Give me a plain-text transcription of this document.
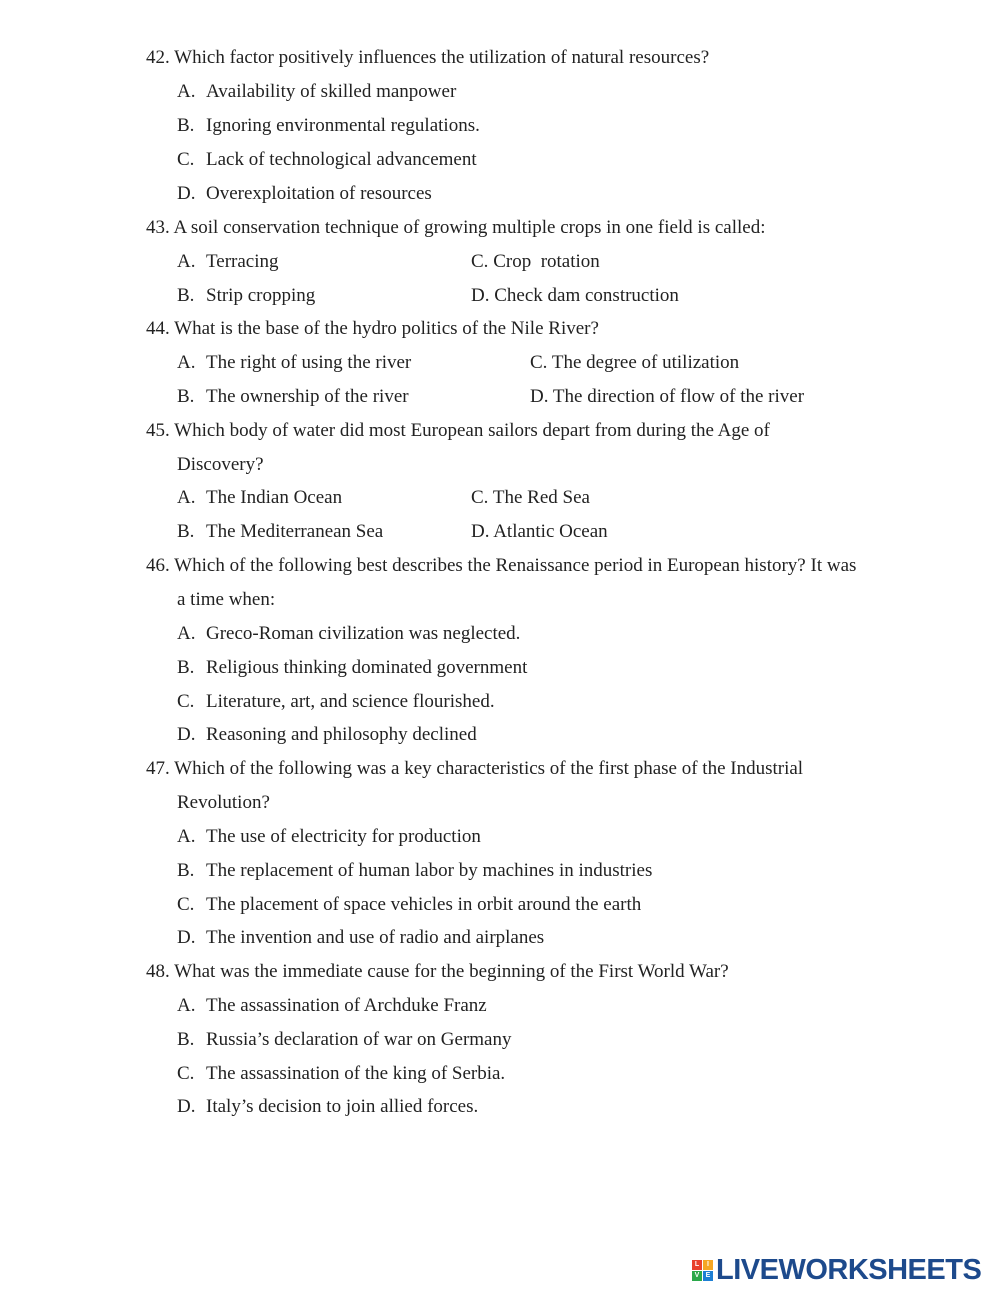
42. Which factor positively influences the utilization of natural resources?
A. Availability of skilled manpower
B. Ignoring environmental regulations.
C. Lack of technological advancement
D. Overexploitation of resources
43. A soil conservation technique of growing multiple crops in one field is called:
A. Terracing	C. Crop  rotation
B. Strip cropping	D. Check dam construction
44. What is the base of the hydro politics of the Nile River?
A. The right of using the river	C. The degree of utilization
B. The ownership of the river	D. The direction of flow of the river
45. Which body of water did most European sailors depart from during the Age of
Discovery?
A. The Indian Ocean	C. The Red Sea
B. The Mediterranean Sea	D. Atlantic Ocean
46. Which of the following best describes the Renaissance period in European history? It was
a time when:
A. Greco-Roman civilization was neglected.
B. Religious thinking dominated government
C. Literature, art, and science flourished.
D. Reasoning and philosophy declined
47. Which of the following was a key characteristics of the first phase of the Industrial
Revolution?
A. The use of electricity for production
B. The replacement of human labor by machines in industries
C. The placement of space vehicles in orbit around the earth
D. The invention and use of radio and airplanes
48. What was the immediate cause for the beginning of the First World War?
A. The assassination of Archduke Franz
B. Russia’s declaration of war on Germany
C. The assassination of the king of Serbia.
D. Italy’s decision to join allied forces.
L	I
V E LIVEWORKSHEETS
